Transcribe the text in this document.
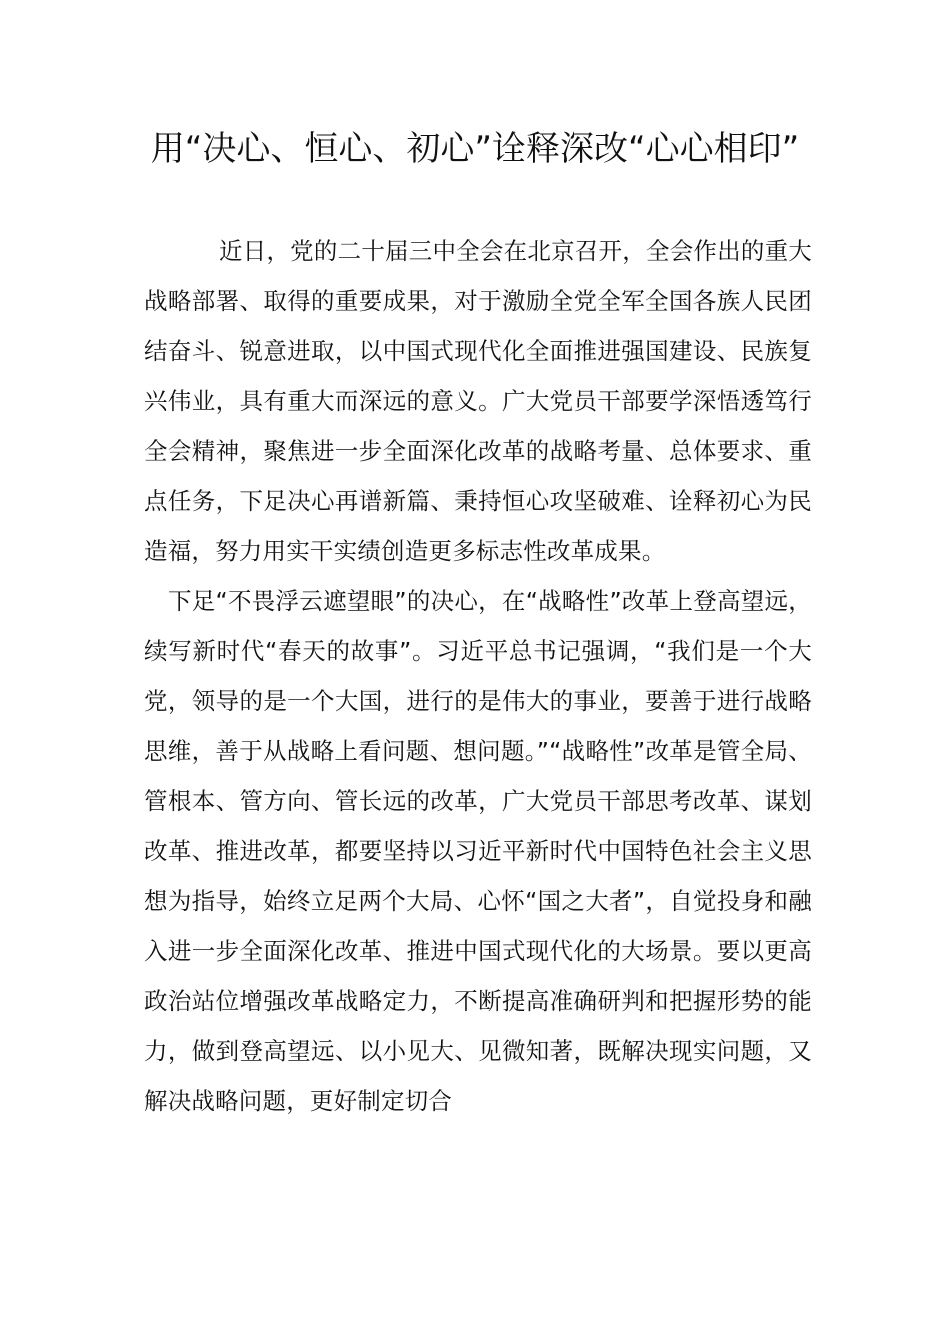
用“决心、恒心、初心”诠释深改“心心相印”

近日，党的二十届三中全会在北京召开，全会作出的重大战略部署、取得的重要成果，对于激励全党全军全国各族人民团结奋斗、锐意进取，以中国式现代化全面推进强国建设、民族复兴伟业，具有重大而深远的意义。广大党员干部要学深悟透笃行全会精神，聚焦进一步全面深化改革的战略考量、总体要求、重点任务，下足决心再谱新篇、秉持恒心攻坚破难、诠释初心为民造福，努力用实干实绩创造更多标志性改革成果。

下足“不畏浮云遮望眼”的决心，在“战略性”改革上登高望远，续写新时代“春天的故事”。习近平总书记强调，“我们是一个大党，领导的是一个大国，进行的是伟大的事业，要善于进行战略思维，善于从战略上看问题、想问题。”“战略性”改革是管全局、管根本、管方向、管长远的改革，广大党员干部思考改革、谋划改革、推进改革，都要坚持以习近平新时代中国特色社会主义思想为指导，始终立足两个大局、心怀“国之大者”，自觉投身和融入进一步全面深化改革、推进中国式现代化的大场景。要以更高政治站位增强改革战略定力，不断提高准确研判和把握形势的能力，做到登高望远、以小见大、见微知著，既解决现实问题，又解决战略问题，更好制定切合
